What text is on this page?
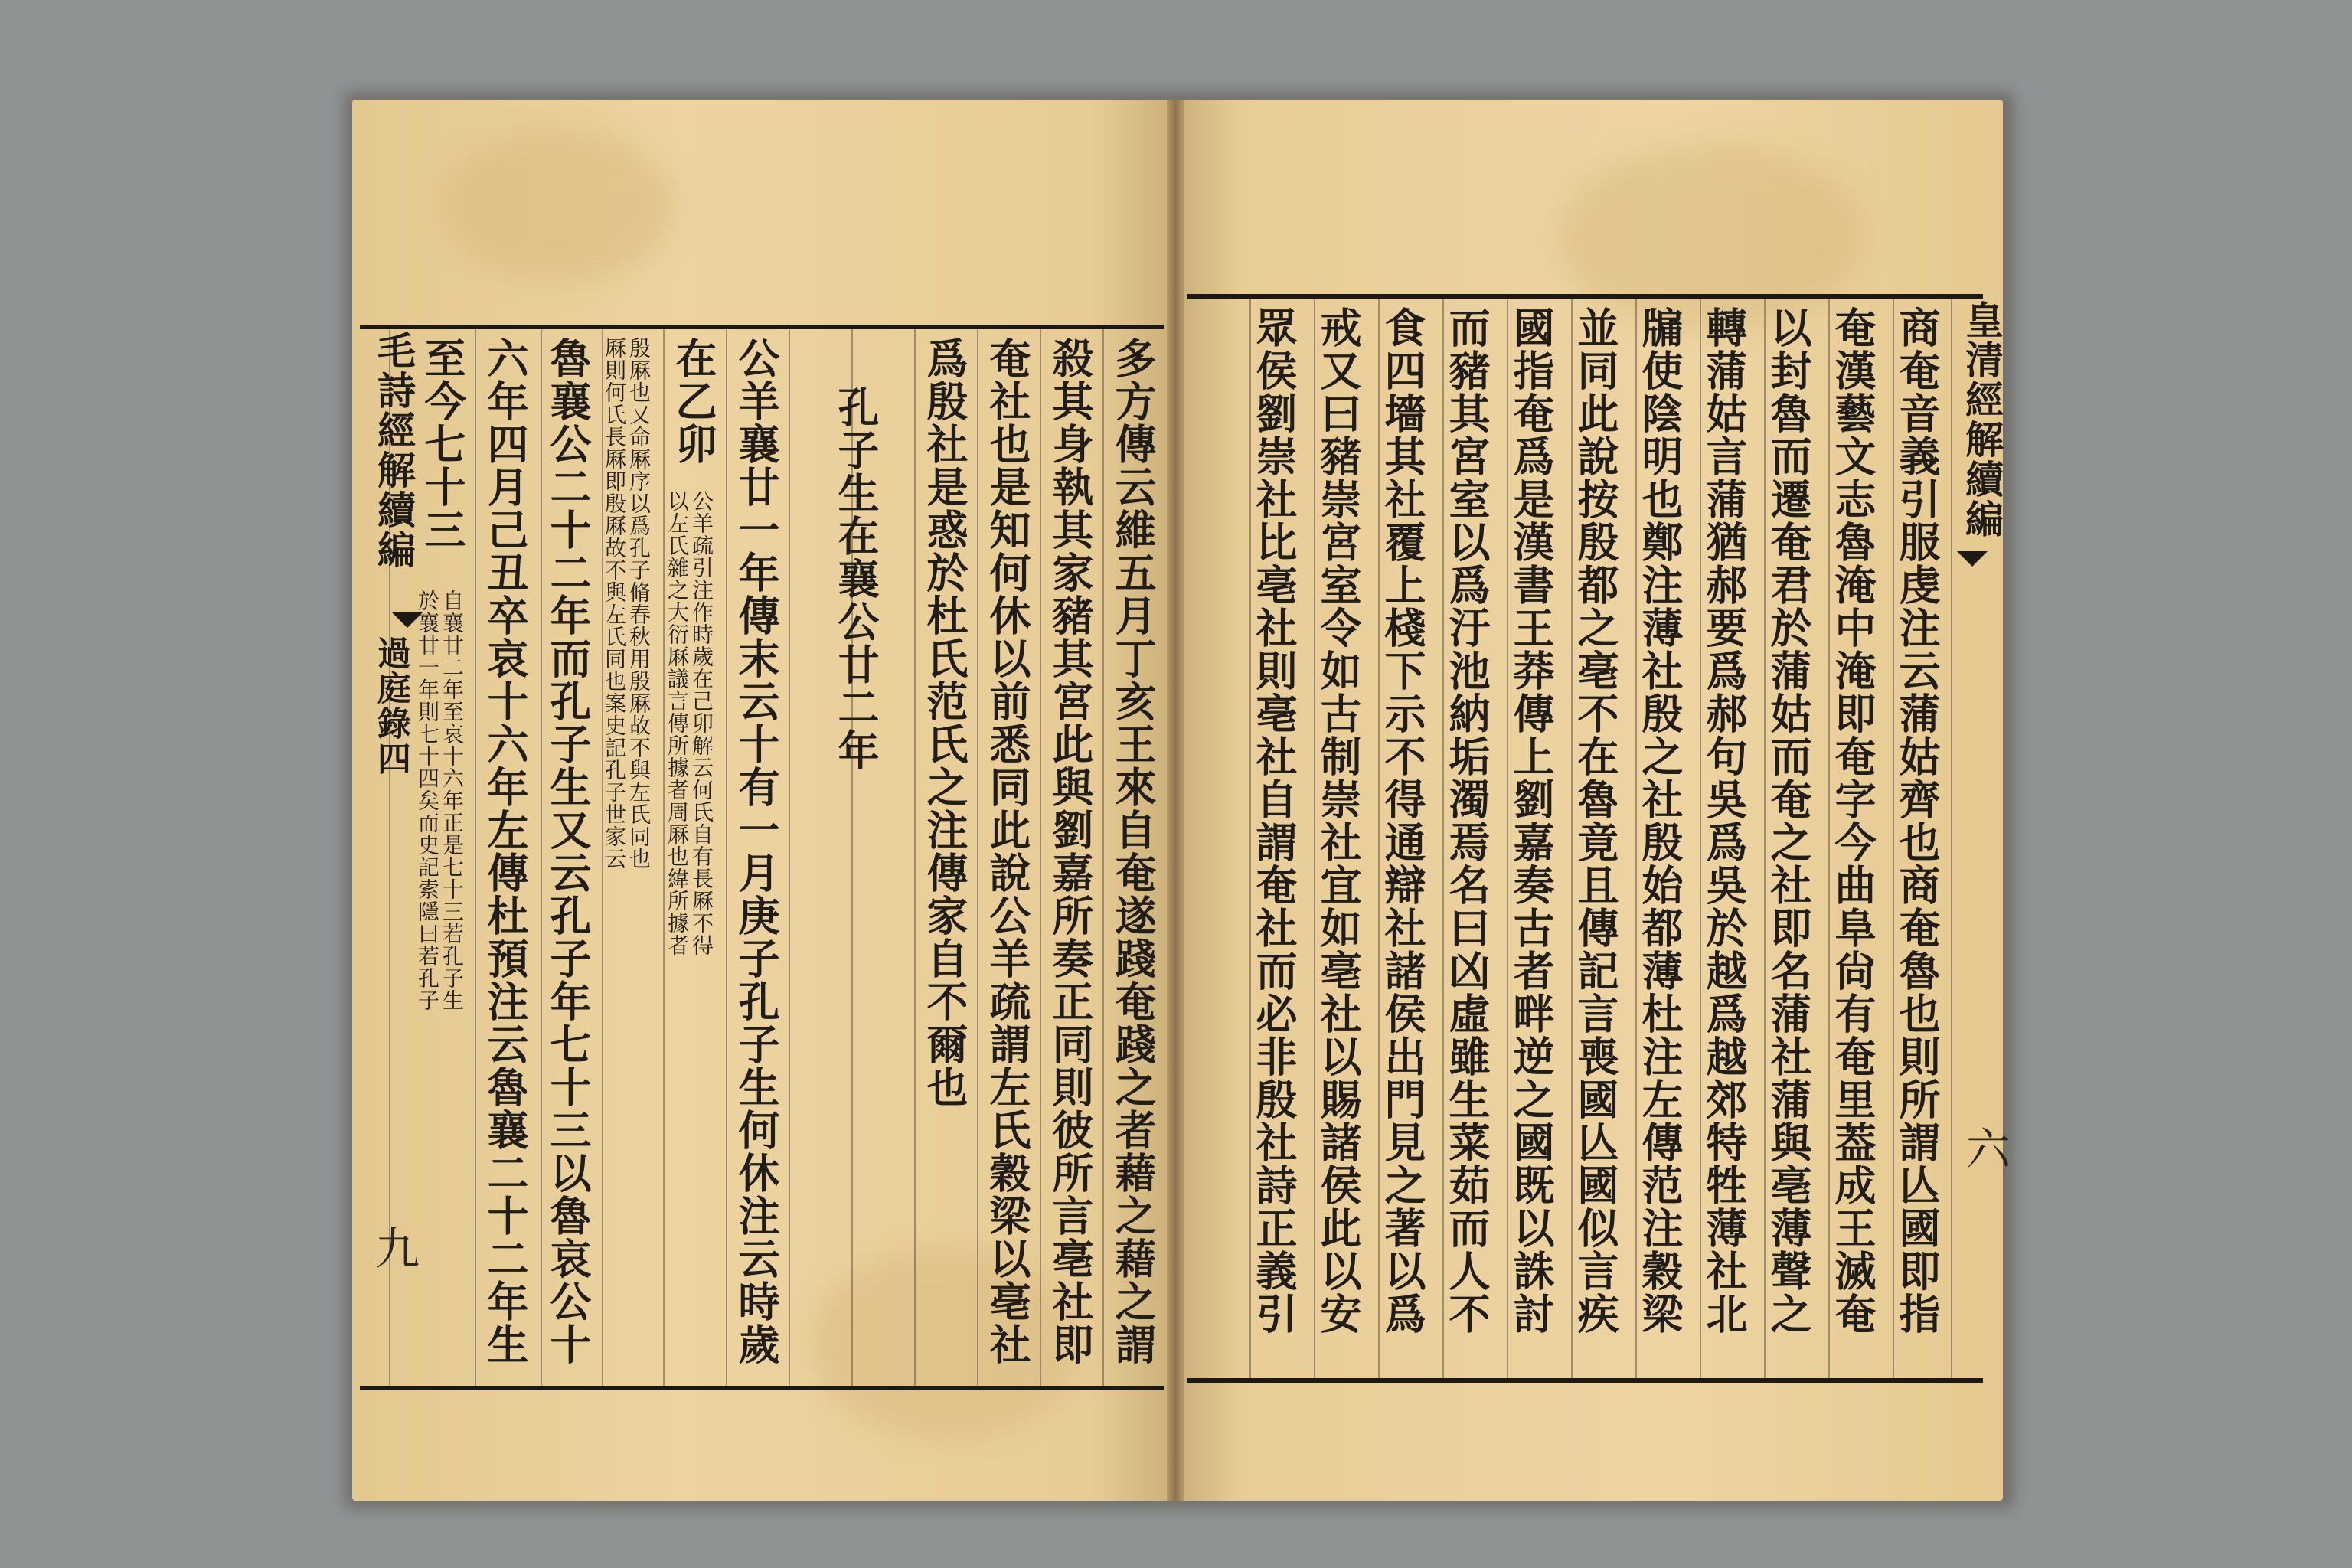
毛詩經解續編
過庭錄四
九	多方傳云維五月丁亥王來自奄遂踐奄踐之者藉之藉之謂
殺其身執其家豬其宮此與劉嘉所奏正同則彼所言亳社即
奄社也是知何休以前悉同此說公羊疏謂左氏穀梁以亳社
爲殷社是惑於杜氏范氏之注傳家自不爾也
孔子生在襄公廿二年
公羊襄廿一年傳末云十有一月庚子孔子生何休注云時歲
在乙卯
公羊疏引注作時歲在己卯解云何氏自有長厤不得
以左氏雜之大衍厤議言傳所據者周厤也緯所據者
殷厤也又命厤序以爲孔子脩春秋用殷厤故不與左氏同也
厤則何氏長厤即殷厤故不與左氏同也案史記孔子世家云
魯襄公二十二年而孔子生又云孔子年七十三以魯哀公十
六年四月己丑卒哀十六年左傳杜預注云魯襄二十二年生
至今七十三
自襄廿二年至哀十六年正是七十三若孔子生
於襄廿一年則七十四矣而史記索隱曰若孔子
皇清經解續編
六
商奄音義引服虔注云蒲姑齊也商奄魯也則所謂亾國即指
奄漢藝文志魯淹中淹即奄字今曲阜尙有奄里葢成王滅奄
以封魯而遷奄君於蒲姑而奄之社即名蒲社蒲與亳薄聲之
轉蒲姑言蒲猶郝要爲郝句吳爲吳於越爲越郊特牲薄社北
牖使陰明也鄭注薄社殷之社殷始都薄杜注左傳范注穀梁
並同此說按殷都之亳不在魯竟且傳記言喪國亾國似言疾
國指奄爲是漢書王莽傳上劉嘉奏古者畔逆之國既以誅討
而豬其宮室以爲汙池納垢濁焉名曰凶虛雖生菜茹而人不
食四墻其社覆上棧下示不得通辯社諸侯出門見之著以爲
戒又曰豬崇宮室令如古制崇社宜如亳社以賜諸侯此以安
眾侯劉崇社比亳社則亳社自謂奄社而必非殷社詩正義引
